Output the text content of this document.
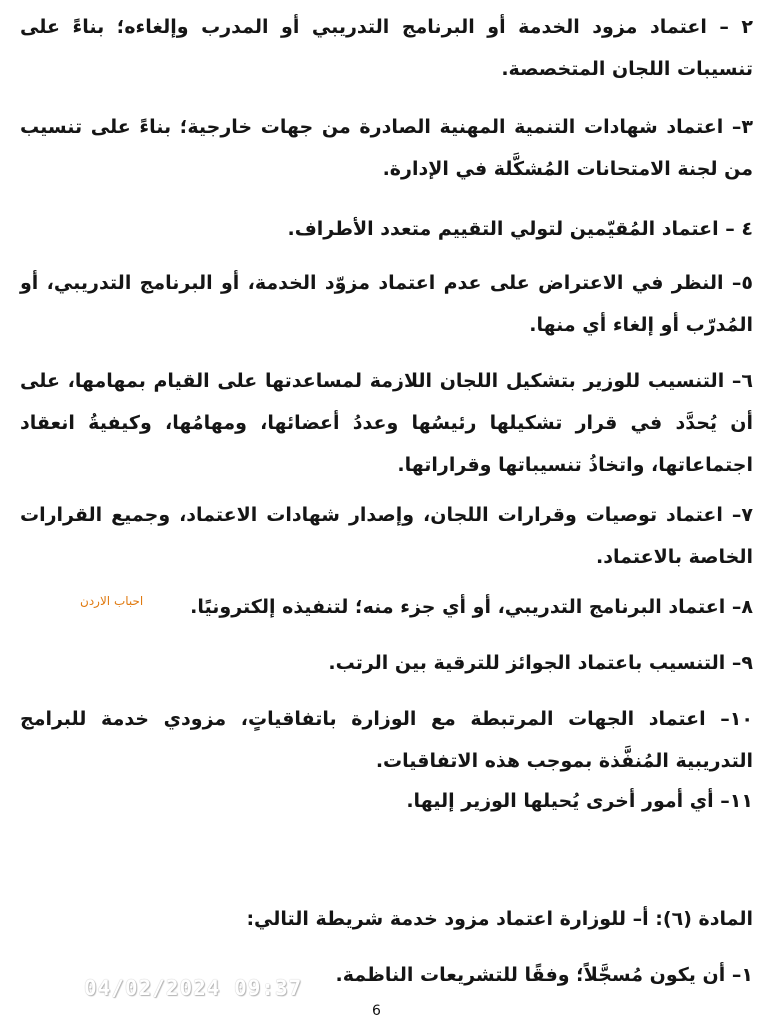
٢ – اعتماد مزود الخدمة أو البرنامج التدريبي أو المدرب وإلغاءه؛ بناءً على تنسيبات اللجان المتخصصة.

٣– اعتماد شهادات التنمية المهنية الصادرة من جهات خارجية؛ بناءً على تنسيب من لجنة الامتحانات المُشكَّلة في الإدارة.

٤ – اعتماد المُقيّمين لتولي التقييم متعدد الأطراف.

٥– النظر في الاعتراض على عدم اعتماد مزوّد الخدمة، أو البرنامج التدريبي، أو المُدرّب أو إلغاء أي منها.

٦– التنسيب للوزير بتشكيل اللجان اللازمة لمساعدتها على القيام بمهامها، على أن يُحدَّد في قرار تشكيلها رئيسُها وعددُ أعضائها، ومهامُها، وكيفيةُ انعقاد اجتماعاتها، واتخاذُ تنسيباتها وقراراتها.

٧– اعتماد توصيات وقرارات اللجان، وإصدار شهادات الاعتماد، وجميع القرارات الخاصة بالاعتماد.

احباب الاردن ٨– اعتماد البرنامج التدريبي، أو أي جزء منه؛ لتنفيذه إلكترونيًا.

٩– التنسيب باعتماد الجوائز للترقية بين الرتب.

١٠– اعتماد الجهات المرتبطة مع الوزارة باتفاقياتٍ، مزودي خدمة للبرامج التدريبية المُنفَّذة بموجب هذه الاتفاقيات.

١١– أي أمور أخرى يُحيلها الوزير إليها.

المادة (٦): أ– للوزارة اعتماد مزود خدمة شريطة التالي:

١– أن يكون مُسجَّلاً؛ وفقًا للتشريعات الناظمة.

04/02/2024 09:37
6
